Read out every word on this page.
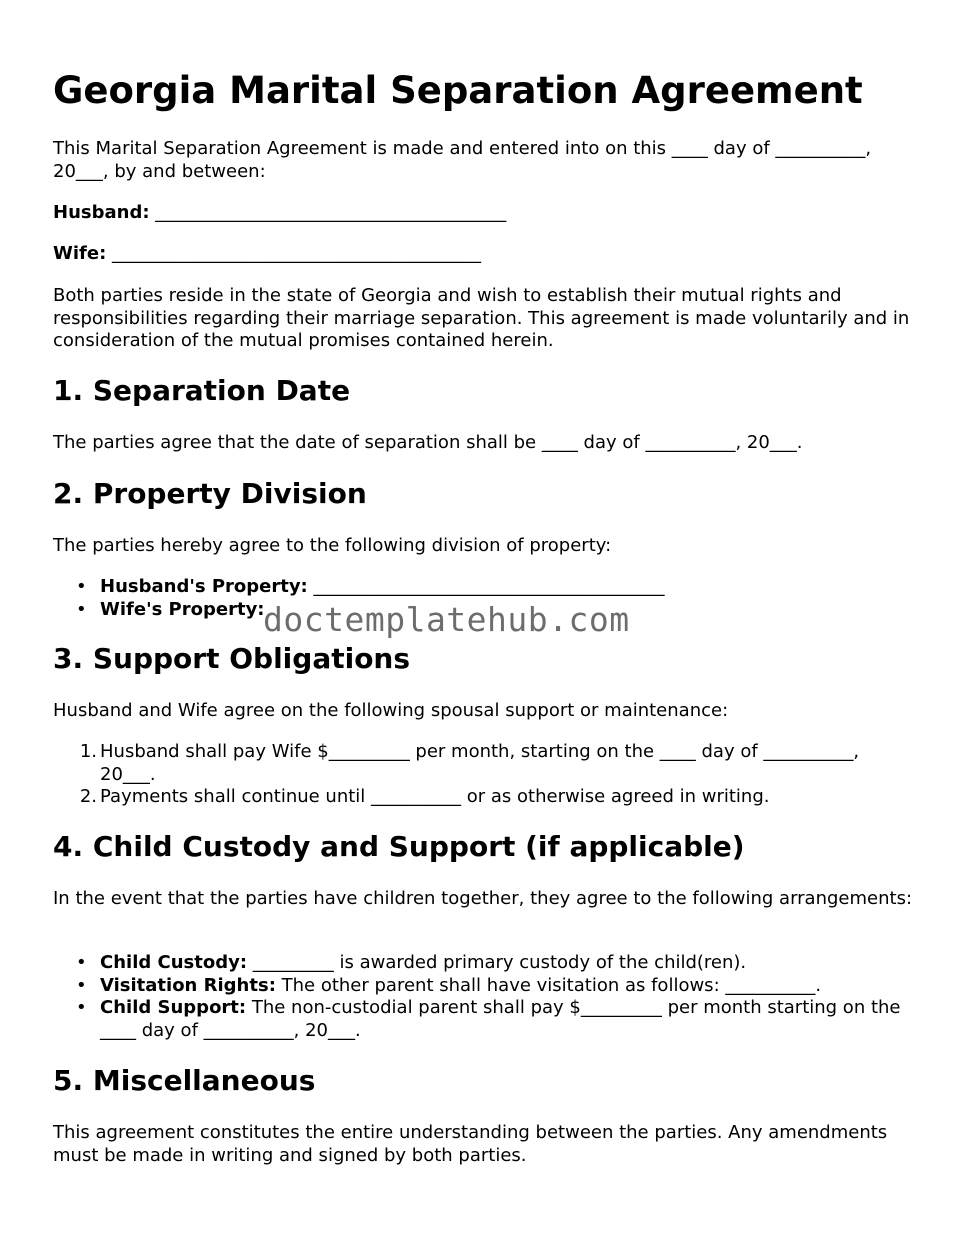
Georgia Marital Separation Agreement

This Marital Separation Agreement is made and entered into on this ____ day of __________, 20___, by and between:

Husband: _______________________________________

Wife: _________________________________________

Both parties reside in the state of Georgia and wish to establish their mutual rights and responsibilities regarding their marriage separation. This agreement is made voluntarily and in consideration of the mutual promises contained herein.

1. Separation Date

The parties agree that the date of separation shall be ____ day of __________, 20___.

2. Property Division

The parties hereby agree to the following division of property:

• Husband's Property: _______________________________________
• Wife's Property:
3. Support Obligations

Husband and Wife agree on the following spousal support or maintenance:

1. Husband shall pay Wife $_________ per month, starting on the ____ day of __________, 20___.
2. Payments shall continue until __________ or as otherwise agreed in writing.
4. Child Custody and Support (if applicable)

In the event that the parties have children together, they agree to the following arrangements:

• Child Custody: _________ is awarded primary custody of the child(ren).
• Visitation Rights: The other parent shall have visitation as follows: __________.
• Child Support: The non-custodial parent shall pay $_________ per month starting on the ____ day of __________, 20___.
5. Miscellaneous

This agreement constitutes the entire understanding between the parties. Any amendments must be made in writing and signed by both parties.

doctemplatehub.com
